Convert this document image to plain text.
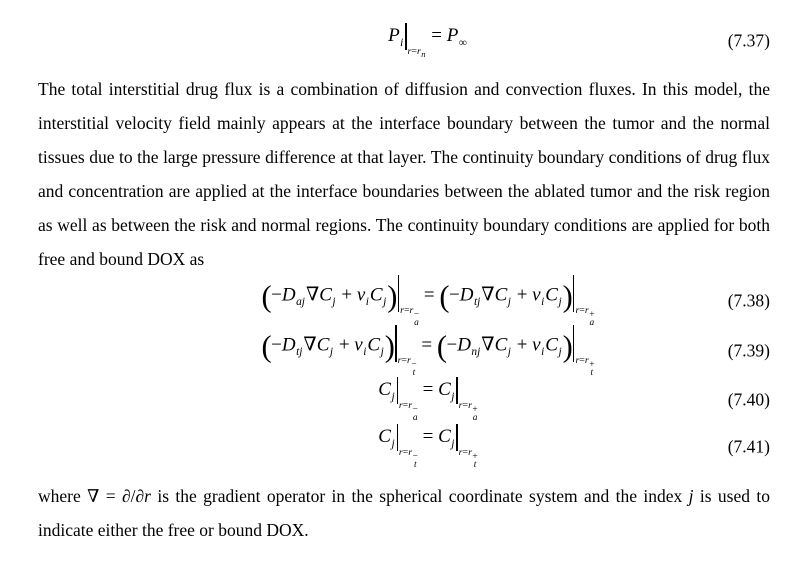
$P_{ir=r_n} = P_\infty$	(7.37)

The total interstitial drug flux is a combination of diffusion and convection fluxes. In this model, the interstitial velocity field mainly appears at the interface boundary between the tumor and the normal tissues due to the large pressure difference at that layer. The continuity boundary conditions of drug flux and concentration are applied at the interface boundaries between the ablated tumor and the risk region as well as between the risk and normal regions. The continuity boundary conditions are applied for both free and bound DOX as

$(-D_{aj}\nabla C_j + v_iC_j)$ $_{r=r - a}$
= $(-D_{tj}\nabla C_j + v_iC_j)$ $_{r=r + a}$
(7.38)
$(-D_{tj}\nabla C_j + v_iC_j)$ $_{r=r - t}$
= $(-D_{nj}\nabla C_j + v_iC_j)$ $_{r=r + t}$
(7.39)
$C_{jr=r - a}$
= $C_{jr=r + a}$
(7.40)
$C_{jr=r - t}$
= $C_{jr=r + t}$
(7.41)

where ∇ = ∂/∂r is the gradient operator in the spherical coordinate system and the index j is used to indicate either the free or bound DOX.
